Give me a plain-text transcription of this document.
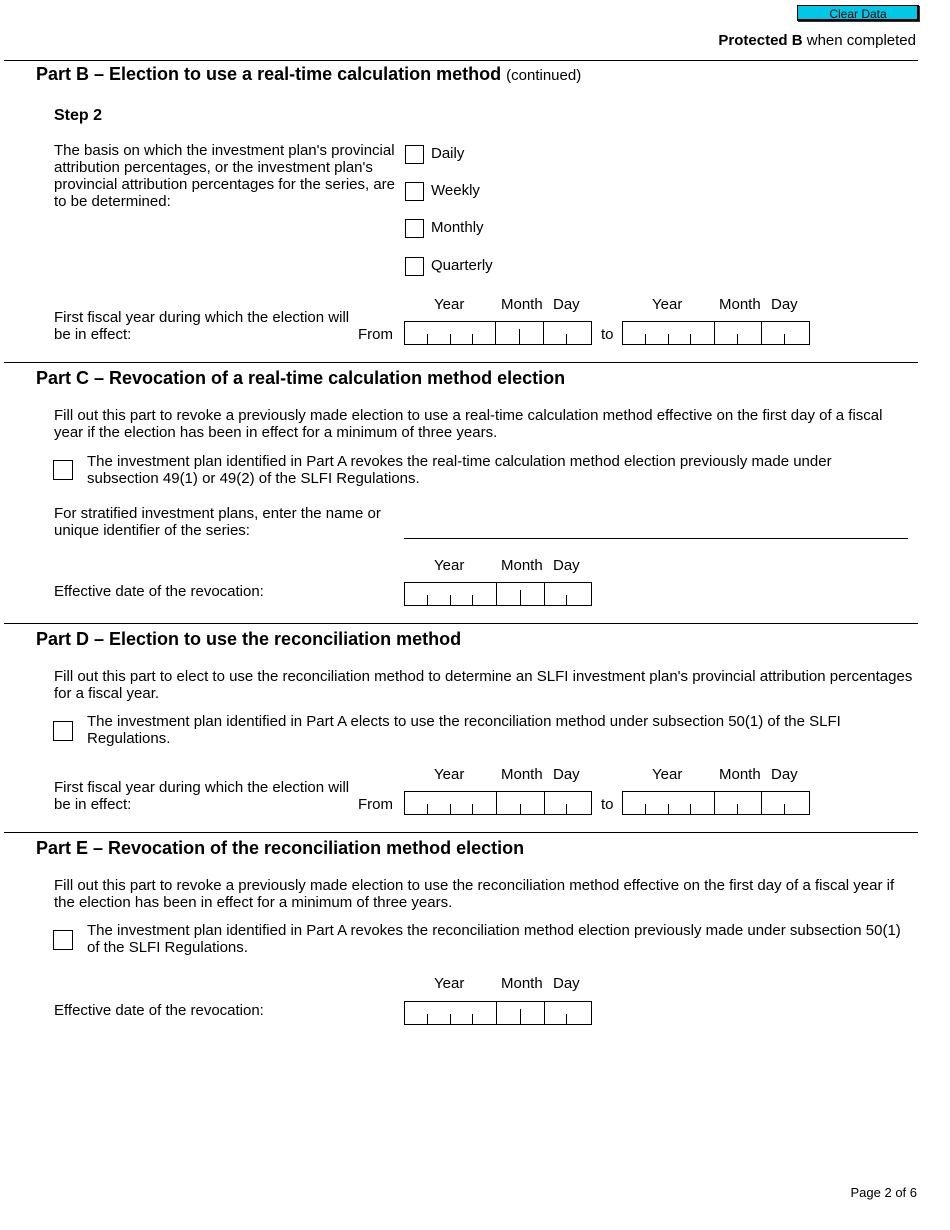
Clear Data
Protected B when completed
Part B – Election to use a real-time calculation method (continued)
Step 2
The basis on which the investment plan's provincial attribution percentages, or the investment plan's provincial attribution percentages for the series, are to be determined:
Daily
Weekly
Monthly
Quarterly
Year Month Day	Year Month Day
First fiscal year during which the election will be in effect:	From	to
Part C – Revocation of a real-time calculation method election
Fill out this part to revoke a previously made election to use a real-time calculation method effective on the first day of a fiscal year if the election has been in effect for a minimum of three years.
The investment plan identified in Part A revokes the real-time calculation method election previously made under subsection 49(1) or 49(2) of the SLFI Regulations.
For stratified investment plans, enter the name or unique identifier of the series:
Year Month Day
Effective date of the revocation:
Part D – Election to use the reconciliation method
Fill out this part to elect to use the reconciliation method to determine an SLFI investment plan's provincial attribution percentages for a fiscal year.
The investment plan identified in Part A elects to use the reconciliation method under subsection 50(1) of the SLFI Regulations.
Year Month Day	Year Month Day
First fiscal year during which the election will be in effect:	From	to
Part E – Revocation of the reconciliation method election
Fill out this part to revoke a previously made election to use the reconciliation method effective on the first day of a fiscal year if the election has been in effect for a minimum of three years.
The investment plan identified in Part A revokes the reconciliation method election previously made under subsection 50(1) of the SLFI Regulations.
Year Month Day
Effective date of the revocation:
Page 2 of 6
